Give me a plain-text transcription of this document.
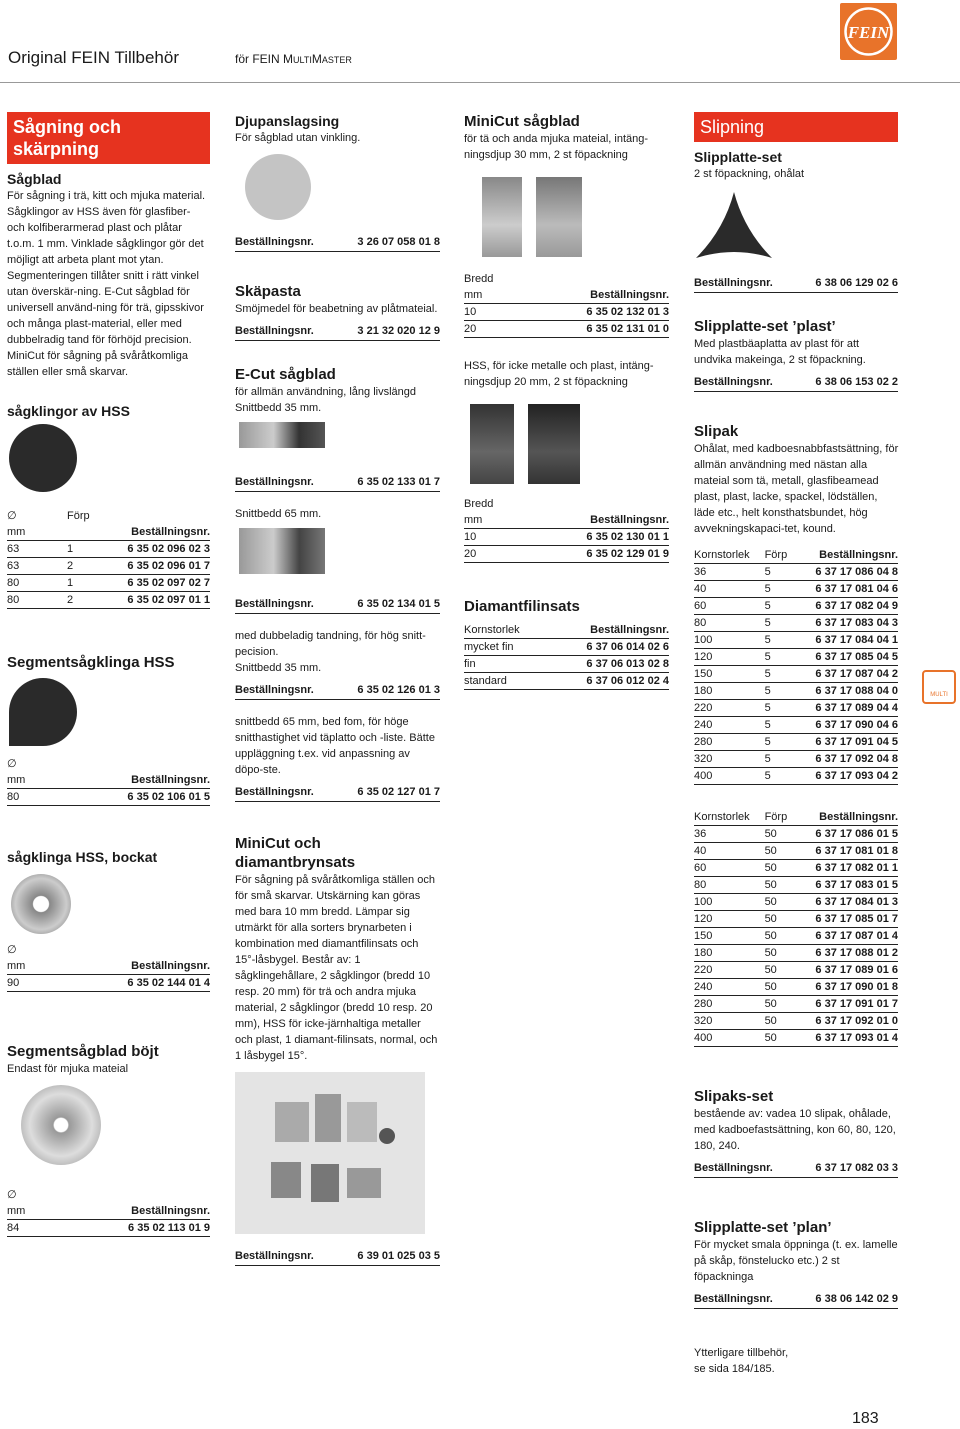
Original FEIN Tillbehör	för FEIN MULTIMASTER
FEIN
Sågning och skärpning
Sågblad
För sågning i trä, kitt och mjuka material. Sågklingor av HSS även för glasfiber- och kolfiberarmerad plast och plåtar t.o.m. 1 mm. Vinklade sågklingor gör det möjligt att arbeta plant mot ytan. Segmenteringen tillåter snitt i rätt vinkel utan överskär-ning. E-Cut sågblad för universell använd-ning för trä, gipsskivor och många plast-material, eller med dubbelradig tand för förhöjd precision. MiniCut för sågning på svåråtkomliga ställen eller små skarvar.
sågklingor av HSS
∅	Förp	
mm		Beställningsnr.
63	1	6 35 02 096 02 3
63	2	6 35 02 096 01 7
80	1	6 35 02 097 02 7
80	2	6 35 02 097 01 1
Segmentsågklinga HSS
∅	
mm	Beställningsnr.
80	6 35 02 106 01 5
sågklinga HSS, bockat
∅	
mm	Beställningsnr.
90	6 35 02 144 01 4
Segmentsågblad böjt
Endast för mjuka mateial
∅	
mm	Beställningsnr.
84	6 35 02 113 01 9
Djupanslagsing
För sågblad utan vinkling.
Beställningsnr.	3 26 07 058 01 8
Skäpasta
Smöjmedel för beabetning av plåtmateial.
Beställningsnr.	3 21 32 020 12 9
E-Cut sågblad
för allmän användning, lång livslängd
Snittbedd 35 mm.
Beställningsnr.	6 35 02 133 01 7
Snittbedd 65 mm.
Beställningsnr.	6 35 02 134 01 5
med dubbeladig tandning, för hög snitt-pecision.
Snittbedd 35 mm.
Beställningsnr.	6 35 02 126 01 3
snittbedd 65 mm, bed fom, för höge snitthastighet vid täplatto och -liste. Bätte uppläggning t.ex. vid anpassning av döpo-ste.
Beställningsnr.	6 35 02 127 01 7
MiniCut och diamantbrynsats
För sågning på svåråtkomliga ställen och för små skarvar. Utskärning kan göras med bara 10 mm bredd. Lämpar sig utmärkt för alla sorters brynarbeten i kombination med diamantfilinsats och 15°-låsbygel. Består av: 1 sågklingehållare, 2 sågklingor (bredd 10 resp. 20 mm) för trä och andra mjuka material, 2 sågklingor (bredd 10 resp. 20 mm), HSS för icke-järnhaltiga metaller och plast, 1 diamant-filinsats, normal, och 1 låsbygel 15°.
Beställningsnr.	6 39 01 025 03 5
MiniCut sågblad
för tä och anda mjuka mateial, intäng-ningsdjup 30 mm, 2 st föpackning
Bredd	
mm	Beställningsnr.
10	6 35 02 132 01 3
20	6 35 02 131 01 0
HSS, för icke metalle och plast, intäng-ningsdjup 20 mm, 2 st föpackning
Bredd	
mm	Beställningsnr.
10	6 35 02 130 01 1
20	6 35 02 129 01 9
Diamantfilinsats
Kornstorlek	Beställningsnr.
mycket fin	6 37 06 014 02 6
fin	6 37 06 013 02 8
standard	6 37 06 012 02 4
Slipning
Slipplatte-set
2 st föpackning, ohålat
Beställningsnr.	6 38 06 129 02 6
Slipplatte-set ’plast’
Med plastbäaplatta av plast för att undvika makeinga, 2 st föpackning.
Beställningsnr.	6 38 06 153 02 2
Slipak
Ohålat, med kadboesnabbfastsättning, för allmän användning med nästan alla mateial som tä, metall, glasfibeamead plast, plast, lacke, spackel, lödställen, läde etc., helt konsthatsbundet, hög avvekningskapaci-tet, kound.
Kornstorlek	Förp	Beställningsnr.
36	5	6 37 17 086 04 8
40	5	6 37 17 081 04 6
60	5	6 37 17 082 04 9
80	5	6 37 17 083 04 3
100	5	6 37 17 084 04 1
120	5	6 37 17 085 04 5
150	5	6 37 17 087 04 2
180	5	6 37 17 088 04 0
220	5	6 37 17 089 04 4
240	5	6 37 17 090 04 6
280	5	6 37 17 091 04 5
320	5	6 37 17 092 04 8
400	5	6 37 17 093 04 2
Kornstorlek	Förp	Beställningsnr.
36	50	6 37 17 086 01 5
40	50	6 37 17 081 01 8
60	50	6 37 17 082 01 1
80	50	6 37 17 083 01 5
100	50	6 37 17 084 01 3
120	50	6 37 17 085 01 7
150	50	6 37 17 087 01 4
180	50	6 37 17 088 01 2
220	50	6 37 17 089 01 6
240	50	6 37 17 090 01 8
280	50	6 37 17 091 01 7
320	50	6 37 17 092 01 0
400	50	6 37 17 093 01 4
Slipaks-set
bestående av: vadea 10 slipak, ohålade, med kadboefastsättning, kon 60, 80, 120, 180, 240.
Beställningsnr.	6 37 17 082 03 3
Slipplatte-set ’plan’
För mycket smala öppninga (t. ex. lamelle på skåp, fönstelucko etc.) 2 st föpackninga
Beställningsnr.	6 38 06 142 02 9
Ytterligare tillbehör,
se sida 184/185.
MULTI
183
